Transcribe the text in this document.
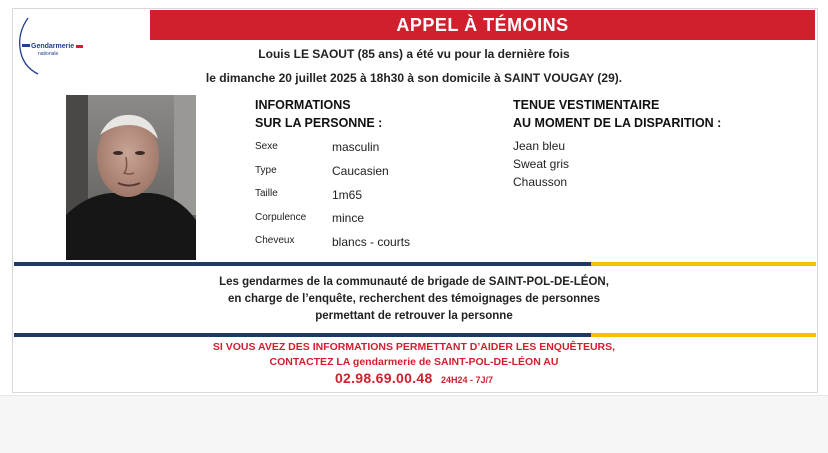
Gendarmerie
nationale
APPEL À TÉMOINS
Louis LE SAOUT (85 ans) a été vu pour la dernière fois
le dimanche 20 juillet 2025 à 18h30 à son domicile à SAINT VOUGAY (29).
INFORMATIONS
SUR LA PERSONNE :
Sexe	masculin
Type	Caucasien
Taille	1m65
Corpulence mince
Cheveux	blancs - courts
TENUE VESTIMENTAIRE
AU MOMENT DE LA DISPARITION :
Jean bleu
Sweat gris
Chausson
Les gendarmes de la communauté de brigade de SAINT-POL-DE-LÉON,
en charge de l’enquête, recherchent des témoignages de personnes
permettant de retrouver la personne
SI VOUS AVEZ DES INFORMATIONS PERMETTANT D’AIDER LES ENQUÊTEURS,
CONTACTEZ LA gendarmerie de SAINT-POL-DE-LÉON AU
02.98.69.00.48 24H24 - 7J/7
